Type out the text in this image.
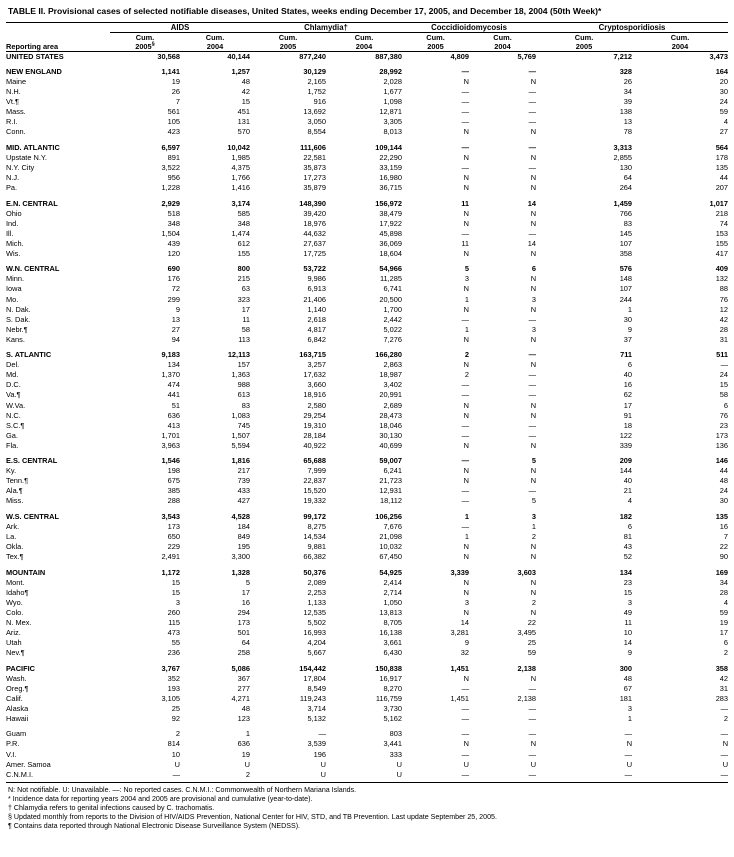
TABLE II. Provisional cases of selected notifiable diseases, United States, weeks ending December 17, 2005, and December 18, 2004 (50th Week)*
	AIDS		Chlamydia†		Coccidioidomycosis		Cryptosporidiosis	
	Cum.	Cum.	Cum.	Cum.	Cum.	Cum.	Cum.	Cum.
Reporting area	2005§	2004	2005	2004	2005	2004	2005	2004
UNITED STATES	30,568	40,144	877,240	887,380	4,809	5,769	7,212	3,473

NEW ENGLAND	1,141	1,257	30,129	28,992	—	—	328	164
Maine	19	48	2,165	2,028	N	N	26	20
N.H.	26	42	1,752	1,677	—	—	34	30
Vt.¶	7	15	916	1,098	—	—	39	24
Mass.	561	451	13,692	12,871	—	—	138	59
R.I.	105	131	3,050	3,305	—	—	13	4
Conn.	423	570	8,554	8,013	N	N	78	27

MID. ATLANTIC	6,597	10,042	111,606	109,144	—	—	3,313	564
Upstate N.Y.	891	1,985	22,581	22,290	N	N	2,855	178
N.Y. City	3,522	4,375	35,873	33,159	—	—	130	135
N.J.	956	1,766	17,273	16,980	N	N	64	44
Pa.	1,228	1,416	35,879	36,715	N	N	264	207

E.N. CENTRAL	2,929	3,174	148,390	156,972	11	14	1,459	1,017
Ohio	518	585	39,420	38,479	N	N	766	218
Ind.	348	348	18,976	17,922	N	N	83	74
Ill.	1,504	1,474	44,632	45,898	—	—	145	153
Mich.	439	612	27,637	36,069	11	14	107	155
Wis.	120	155	17,725	18,604	N	N	358	417

W.N. CENTRAL	690	800	53,722	54,966	5	6	576	409
Minn.	176	215	9,986	11,285	3	N	148	132
Iowa	72	63	6,913	6,741	N	N	107	88
Mo.	299	323	21,406	20,500	1	3	244	76
N. Dak.	9	17	1,140	1,700	N	N	1	12
S. Dak.	13	11	2,618	2,442	—	—	30	42
Nebr.¶	27	58	4,817	5,022	1	3	9	28
Kans.	94	113	6,842	7,276	N	N	37	31

S. ATLANTIC	9,183	12,113	163,715	166,280	2	—	711	511
Del.	134	157	3,257	2,863	N	N	6	—
Md.	1,370	1,363	17,632	18,987	2	—	40	24
D.C.	474	988	3,660	3,402	—	—	16	15
Va.¶	441	613	18,916	20,991	—	—	62	58
W.Va.	51	83	2,580	2,689	N	N	17	6
N.C.	636	1,083	29,254	28,473	N	N	91	76
S.C.¶	413	745	19,310	18,046	—	—	18	23
Ga.	1,701	1,507	28,184	30,130	—	—	122	173
Fla.	3,963	5,594	40,922	40,699	N	N	339	136

E.S. CENTRAL	1,546	1,816	65,688	59,007	—	5	209	146
Ky.	198	217	7,999	6,241	N	N	144	44
Tenn.¶	675	739	22,837	21,723	N	N	40	48
Ala.¶	385	433	15,520	12,931	—	—	21	24
Miss.	288	427	19,332	18,112	—	5	4	30

W.S. CENTRAL	3,543	4,528	99,172	106,256	1	3	182	135
Ark.	173	184	8,275	7,676	—	1	6	16
La.	650	849	14,534	21,098	1	2	81	7
Okla.	229	195	9,881	10,032	N	N	43	22
Tex.¶	2,491	3,300	66,382	67,450	N	N	52	90

MOUNTAIN	1,172	1,328	50,376	54,925	3,339	3,603	134	169
Mont.	15	5	2,089	2,414	N	N	23	34
Idaho¶	15	17	2,253	2,714	N	N	15	28
Wyo.	3	16	1,133	1,050	3	2	3	4
Colo.	260	294	12,535	13,813	N	N	49	59
N. Mex.	115	173	5,502	8,705	14	22	11	19
Ariz.	473	501	16,993	16,138	3,281	3,495	10	17
Utah	55	64	4,204	3,661	9	25	14	6
Nev.¶	236	258	5,667	6,430	32	59	9	2

PACIFIC	3,767	5,086	154,442	150,838	1,451	2,138	300	358
Wash.	352	367	17,804	16,917	N	N	48	42
Oreg.¶	193	277	8,549	8,270	—	—	67	31
Calif.	3,105	4,271	119,243	116,759	1,451	2,138	181	283
Alaska	25	48	3,714	3,730	—	—	3	—
Hawaii	92	123	5,132	5,162	—	—	1	2

Guam	2	1	—	803	—	—	—	—
P.R.	814	636	3,539	3,441	N	N	N	N
V.I.	10	19	196	333	—	—	—	—
Amer. Samoa	U	U	U	U	U	U	U	U
C.N.M.I.	—	2	U	U	—	—	—	—
N: Not notifiable. U: Unavailable. —: No reported cases. C.N.M.I.: Commonwealth of Northern Mariana Islands.
* Incidence data for reporting years 2004 and 2005 are provisional and cumulative (year-to-date).
† Chlamydia refers to genital infections caused by C. trachomatis.
§ Updated monthly from reports to the Division of HIV/AIDS Prevention, National Center for HIV, STD, and TB Prevention. Last update September 25, 2005.
¶ Contains data reported through National Electronic Disease Surveillance System (NEDSS).
